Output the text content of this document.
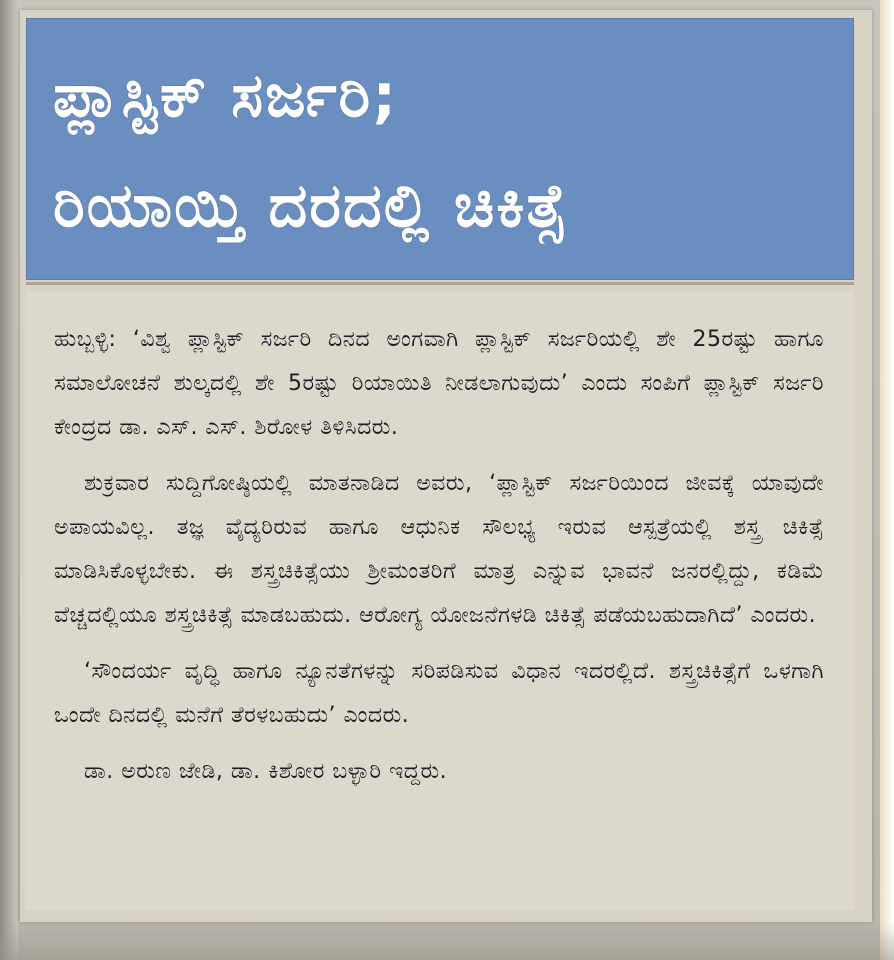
ಪ್ಲಾಸ್ಟಿಕ್ ಸರ್ಜರಿ;
ರಿಯಾಯ್ತಿ ದರದಲ್ಲಿ ಚಿಕಿತ್ಸೆ

ಹುಬ್ಬಳ್ಳಿ: ‘ವಿಶ್ವ ಪ್ಲಾಸ್ಟಿಕ್ ಸರ್ಜರಿ ದಿನದ ಅಂಗವಾಗಿ ಪ್ಲಾಸ್ಟಿಕ್ ಸರ್ಜರಿಯಲ್ಲಿ ಶೇ 25ರಷ್ಟು ಹಾಗೂ ಸಮಾಲೋಚನೆ ಶುಲ್ಕದಲ್ಲಿ ಶೇ 5ರಷ್ಟು ರಿಯಾಯಿತಿ ನೀಡಲಾಗುವುದು’ ಎಂದು ಸಂಪಿಗೆ ಪ್ಲಾಸ್ಟಿಕ್ ಸರ್ಜರಿ ಕೇಂದ್ರದ ಡಾ. ಎಸ್. ಎಸ್. ಶಿರೋಳ ತಿಳಿಸಿದರು.

ಶುಕ್ರವಾರ ಸುದ್ದಿಗೋಷ್ಠಿಯಲ್ಲಿ ಮಾತನಾಡಿದ ಅವರು, ‘ಪ್ಲಾಸ್ಟಿಕ್ ಸರ್ಜರಿಯಿಂದ ಜೀವಕ್ಕೆ ಯಾವುದೇ ಅಪಾಯವಿಲ್ಲ. ತಜ್ಞ ವೈದ್ಯರಿರುವ ಹಾಗೂ ಆಧುನಿಕ ಸೌಲಭ್ಯ ಇರುವ ಆಸ್ಪತ್ರೆಯಲ್ಲಿ ಶಸ್ತ್ರ ಚಿಕಿತ್ಸೆ ಮಾಡಿಸಿಕೊಳ್ಳಬೇಕು. ಈ ಶಸ್ತ್ರಚಿಕಿತ್ಸೆಯು ಶ್ರೀಮಂತರಿಗೆ ಮಾತ್ರ ಎನ್ನುವ ಭಾವನೆ ಜನರಲ್ಲಿದ್ದು, ಕಡಿಮೆ ವೆಚ್ಚದಲ್ಲಿಯೂ ಶಸ್ತ್ರಚಿಕಿತ್ಸೆ ಮಾಡಬಹುದು. ಆರೋಗ್ಯ ಯೋಜನೆಗಳಡಿ ಚಿಕಿತ್ಸೆ ಪಡೆಯಬಹುದಾಗಿದೆ’ ಎಂದರು.

‘ಸೌಂದರ್ಯ ವೃದ್ಧಿ ಹಾಗೂ ನ್ಯೂನತೆಗಳನ್ನು ಸರಿಪಡಿಸುವ ವಿಧಾನ ಇದರಲ್ಲಿದೆ. ಶಸ್ತ್ರಚಿಕಿತ್ಸೆಗೆ ಒಳಗಾಗಿ ಒಂದೇ ದಿನದಲ್ಲಿ ಮನೆಗೆ ತೆರಳಬಹುದು’ ಎಂದರು.

ಡಾ. ಅರುಣ ಜೇಡಿ, ಡಾ. ಕಿಶೋರ ಬಳ್ಳಾರಿ ಇದ್ದರು.
